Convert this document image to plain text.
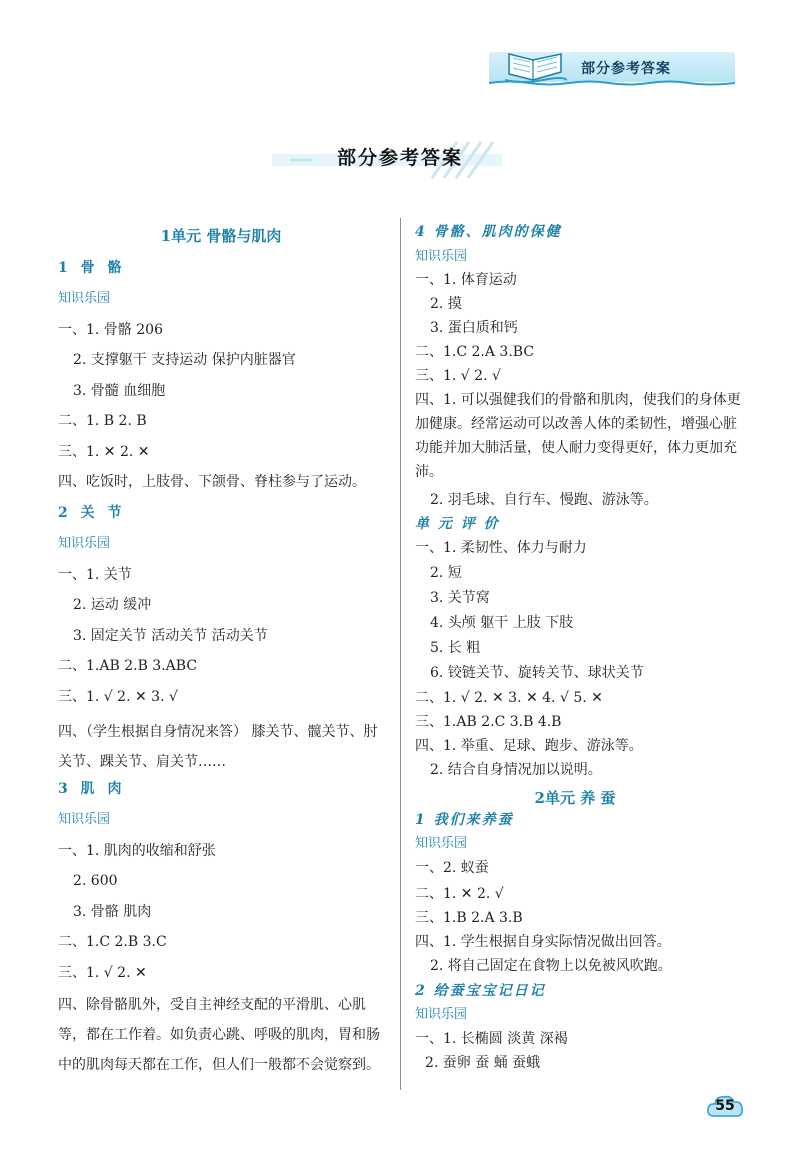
部分参考答案
部分参考答案
1单元 骨骼与肌肉
1 骨 骼
知识乐园
一、1. 骨骼 206
2. 支撑躯干 支持运动 保护内脏器官
3. 骨髓 血细胞
二、1. B 2. B
三、1. ✕ 2. ✕
四、吃饭时，上肢骨、下颌骨、脊柱参与了运动。
2 关 节
知识乐园
一、1. 关节
2. 运动 缓冲
3. 固定关节 活动关节 活动关节
二、1.AB 2.B 3.ABC
三、1. √ 2. ✕ 3. √
四、（学生根据自身情况来答） 膝关节、髋关节、肘关节、踝关节、肩关节……
3 肌 肉
知识乐园
一、1. 肌肉的收缩和舒张
2. 600
3. 骨骼 肌肉
二、1.C 2.B 3.C
三、1. √ 2. ✕
四、除骨骼肌外，受自主神经支配的平滑肌、心肌等，都在工作着。如负责心跳、呼吸的肌肉，胃和肠中的肌肉每天都在工作，但人们一般都不会觉察到。
4 骨骼、肌肉的保健
知识乐园
一、1. 体育运动
2. 摸
3. 蛋白质和钙
二、1.C 2.A 3.BC
三、1. √ 2. √
四、1. 可以强健我们的骨骼和肌肉，使我们的身体更加健康。经常运动可以改善人体的柔韧性，增强心脏功能并加大肺活量，使人耐力变得更好，体力更加充沛。
2. 羽毛球、自行车、慢跑、游泳等。
单 元 评 价
一、1. 柔韧性、体力与耐力
2. 短
3. 关节窝
4. 头颅 躯干 上肢 下肢
5. 长 粗
6. 铰链关节、旋转关节、球状关节
二、1. √ 2. ✕ 3. ✕ 4. √ 5. ✕
三、1.AB 2.C 3.B 4.B
四、1. 举重、足球、跑步、游泳等。
2. 结合自身情况加以说明。
2单元 养 蚕
1 我们来养蚕
知识乐园
一、2. 蚁蚕
二、1. ✕ 2. √
三、1.B 2.A 3.B
四、1. 学生根据自身实际情况做出回答。
2. 将自己固定在食物上以免被风吹跑。
2 给蚕宝宝记日记
知识乐园
一、1. 长椭圆 淡黄 深褐
2. 蚕卵 蚕 蛹 蚕蛾
55
